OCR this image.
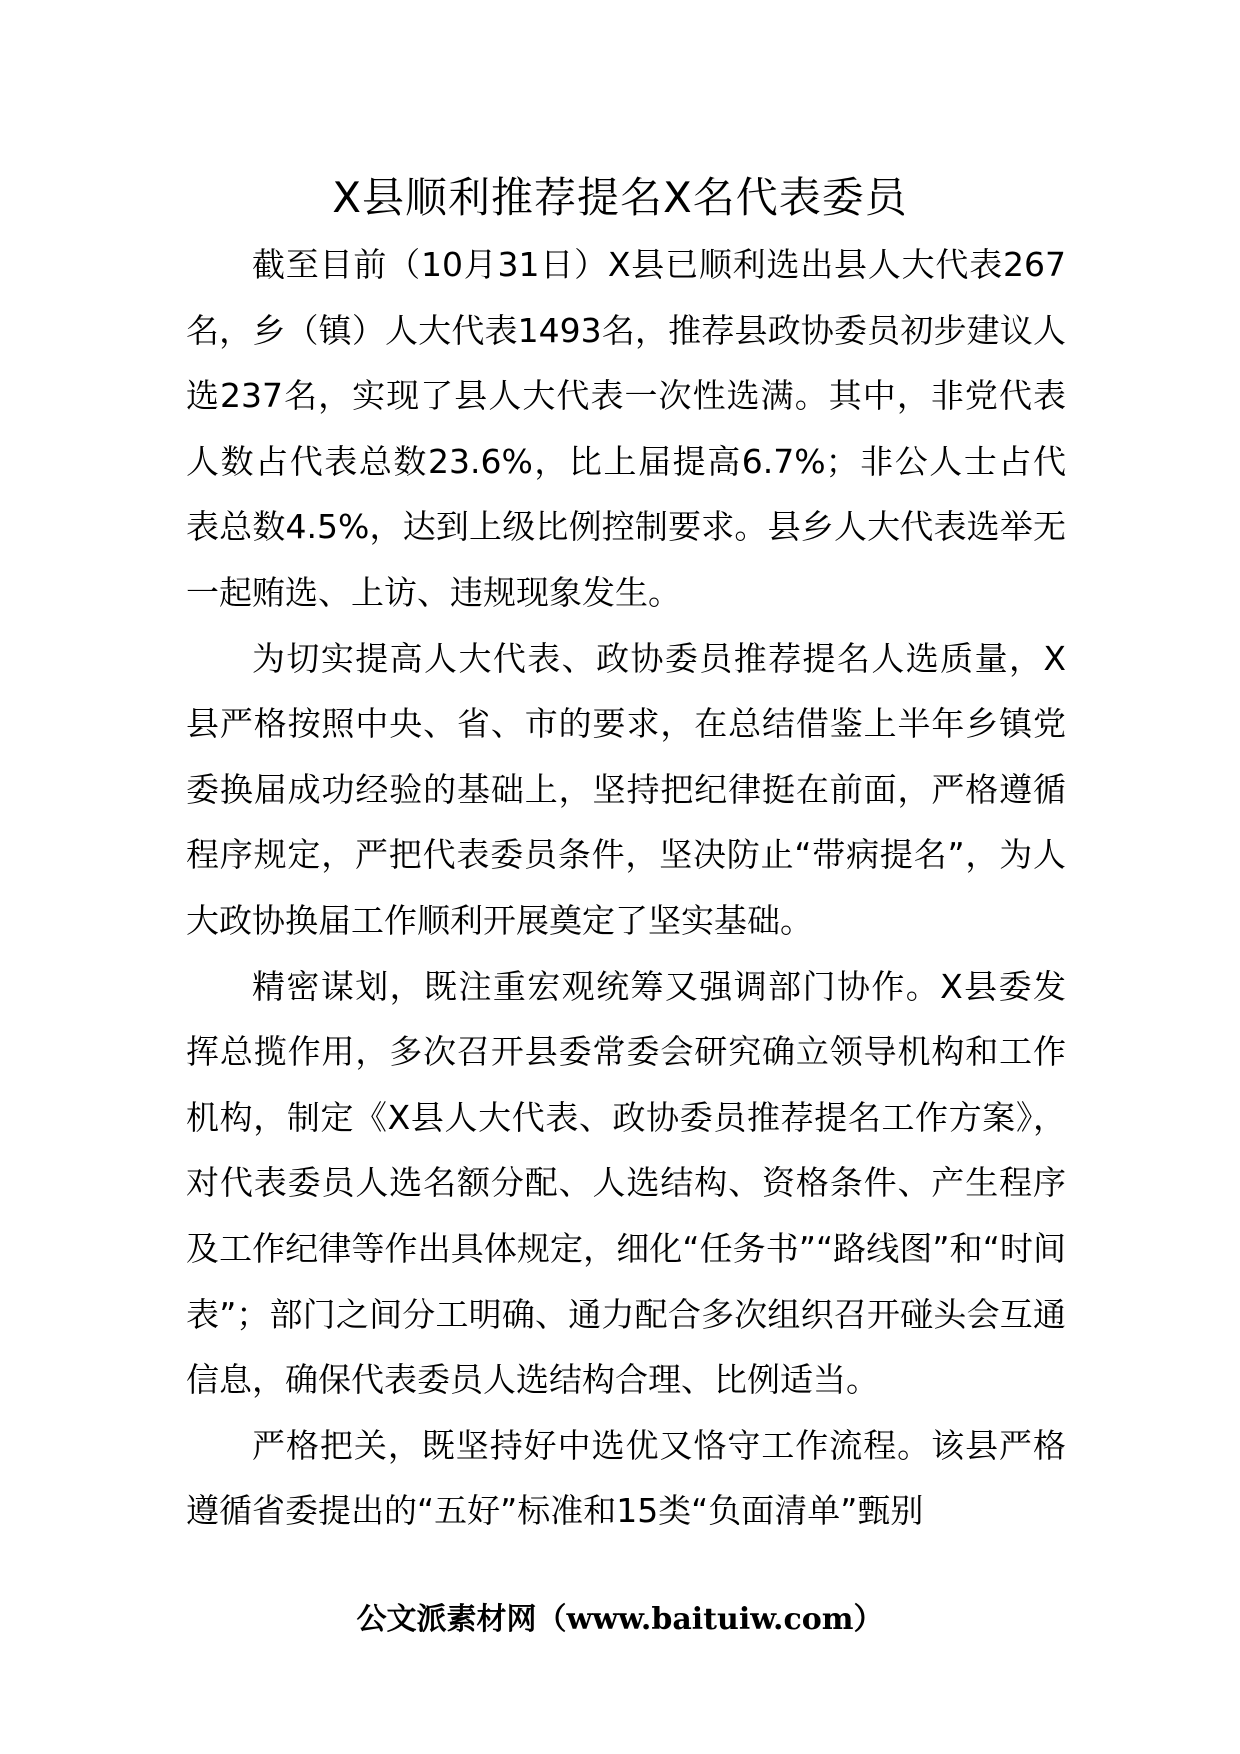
X县顺利推荐提名X名代表委员

截至目前（10月31日）X县已顺利选出县人大代表267名，乡（镇）人大代表1493名，推荐县政协委员初步建议人选237名，实现了县人大代表一次性选满。其中，非党代表人数占代表总数23.6%，比上届提高6.7%；非公人士占代表总数4.5%，达到上级比例控制要求。县乡人大代表选举无一起贿选、上访、违规现象发生。

为切实提高人大代表、政协委员推荐提名人选质量，X县严格按照中央、省、市的要求，在总结借鉴上半年乡镇党委换届成功经验的基础上，坚持把纪律挺在前面，严格遵循程序规定，严把代表委员条件，坚决防止“带病提名”，为人大政协换届工作顺利开展奠定了坚实基础。

精密谋划，既注重宏观统筹又强调部门协作。X县委发挥总揽作用，多次召开县委常委会研究确立领导机构和工作机构，制定《X县人大代表、政协委员推荐提名工作方案》，对代表委员人选名额分配、人选结构、资格条件、产生程序及工作纪律等作出具体规定，细化“任务书”“路线图”和“时间表”；部门之间分工明确、通力配合多次组织召开碰头会互通信息，确保代表委员人选结构合理、比例适当。

严格把关，既坚持好中选优又恪守工作流程。该县严格遵循省委提出的“五好”标准和15类“负面清单”甄别

公文派素材网（www.baituiw.com）
